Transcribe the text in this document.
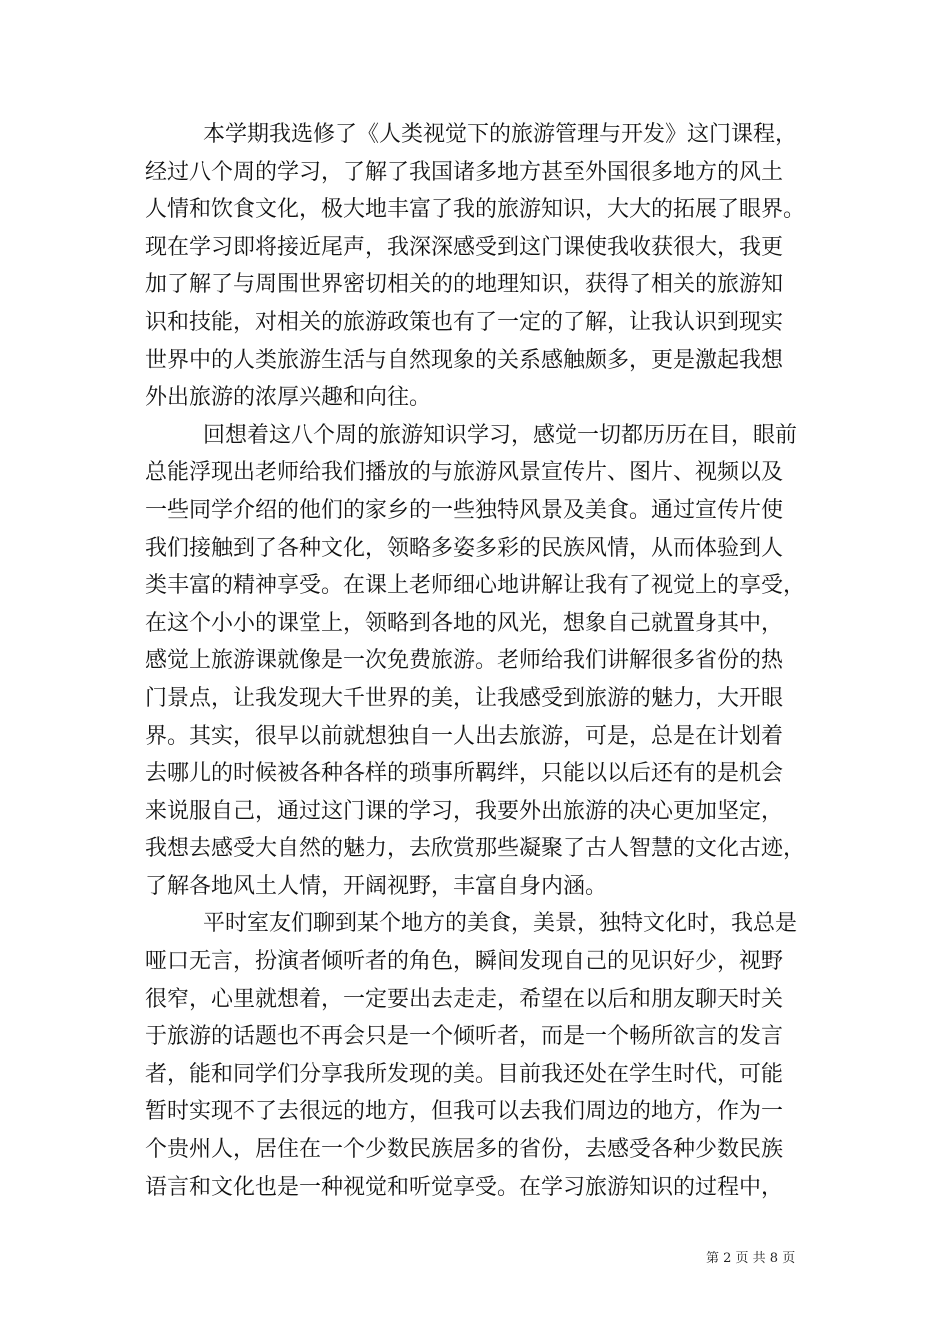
本学期我选修了《人类视觉下的旅游管理与开发》这门课程，
经过八个周的学习，了解了我国诸多地方甚至外国很多地方的风土
人情和饮食文化，极大地丰富了我的旅游知识，大大的拓展了眼界。
现在学习即将接近尾声，我深深感受到这门课使我收获很大，我更
加了解了与周围世界密切相关的的地理知识，获得了相关的旅游知
识和技能，对相关的旅游政策也有了一定的了解，让我认识到现实
世界中的人类旅游生活与自然现象的关系感触颇多，更是激起我想
外出旅游的浓厚兴趣和向往。

回想着这八个周的旅游知识学习，感觉一切都历历在目，眼前
总能浮现出老师给我们播放的与旅游风景宣传片、图片、视频以及
一些同学介绍的他们的家乡的一些独特风景及美食。通过宣传片使
我们接触到了各种文化，领略多姿多彩的民族风情，从而体验到人
类丰富的精神享受。在课上老师细心地讲解让我有了视觉上的享受，
在这个小小的课堂上，领略到各地的风光，想象自己就置身其中，
感觉上旅游课就像是一次免费旅游。老师给我们讲解很多省份的热
门景点，让我发现大千世界的美，让我感受到旅游的魅力，大开眼
界。其实，很早以前就想独自一人出去旅游，可是，总是在计划着
去哪儿的时候被各种各样的琐事所羁绊，只能以以后还有的是机会
来说服自己，通过这门课的学习，我要外出旅游的决心更加坚定，
我想去感受大自然的魅力，去欣赏那些凝聚了古人智慧的文化古迹，
了解各地风土人情，开阔视野，丰富自身内涵。

平时室友们聊到某个地方的美食，美景，独特文化时，我总是
哑口无言，扮演者倾听者的角色，瞬间发现自己的见识好少，视野
很窄，心里就想着，一定要出去走走，希望在以后和朋友聊天时关
于旅游的话题也不再会只是一个倾听者，而是一个畅所欲言的发言
者，能和同学们分享我所发现的美。目前我还处在学生时代，可能
暂时实现不了去很远的地方，但我可以去我们周边的地方，作为一
个贵州人，居住在一个少数民族居多的省份，去感受各种少数民族
语言和文化也是一种视觉和听觉享受。在学习旅游知识的过程中，

第 2 页 共 8 页
